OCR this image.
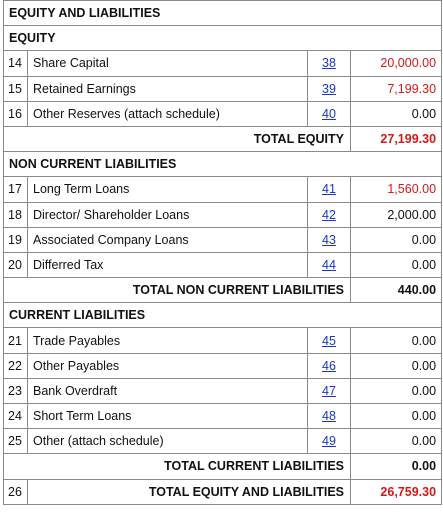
EQUITY AND LIABILITIES			
EQUITY			
14	Share Capital	38	20,000.00
15	Retained Earnings	39	7,199.30
16	Other Reserves (attach schedule)	40	0.00
TOTAL EQUITY			27,199.30
NON CURRENT LIABILITIES			
17	Long Term Loans	41	1,560.00
18	Director/ Shareholder Loans	42	2,000.00
19	Associated Company Loans	43	0.00
20	Differred Tax	44	0.00
TOTAL NON CURRENT LIABILITIES			440.00
CURRENT LIABILITIES			
21	Trade Payables	45	0.00
22	Other Payables	46	0.00
23	Bank Overdraft	47	0.00
24	Short Term Loans	48	0.00
25	Other (attach schedule)	49	0.00
TOTAL CURRENT LIABILITIES			0.00
26	TOTAL EQUITY AND LIABILITIES		26,759.30
